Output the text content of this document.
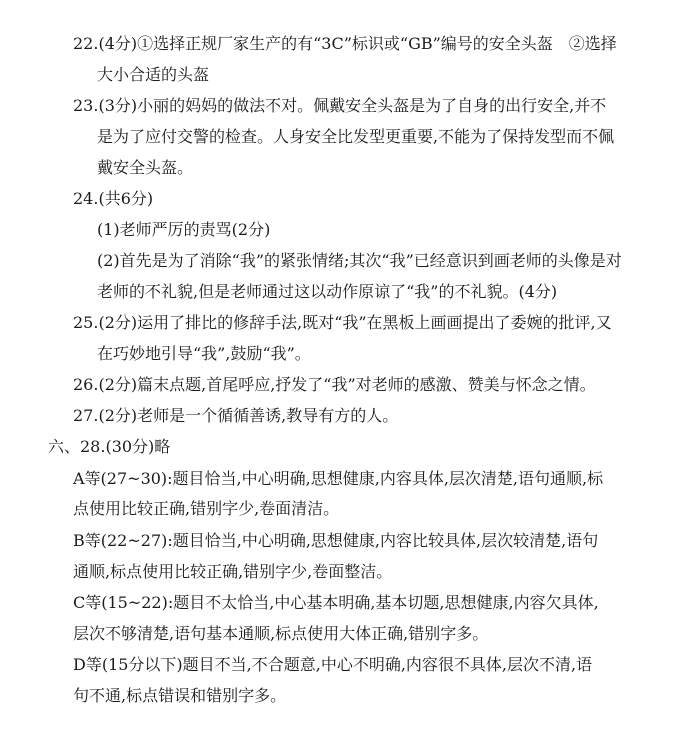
22.(4分)①选择正规厂家生产的有“3C”标识或“GB”编号的安全头盔　②选择
大小合适的头盔
23.(3分)小丽的妈妈的做法不对。佩戴安全头盔是为了自身的出行安全,并不
是为了应付交警的检查。人身安全比发型更重要,不能为了保持发型而不佩
戴安全头盔。
24.(共6分)
(1)老师严厉的责骂(2分)
(2)首先是为了消除“我”的紧张情绪;其次“我”已经意识到画老师的头像是对
老师的不礼貌,但是老师通过这以动作原谅了“我”的不礼貌。(4分)
25.(2分)运用了排比的修辞手法,既对“我”在黑板上画画提出了委婉的批评,又
在巧妙地引导“我”,鼓励“我”。
26.(2分)篇末点题,首尾呼应,抒发了“我”对老师的感激、赞美与怀念之情。
27.(2分)老师是一个循循善诱,教导有方的人。
六、28.(30分)略
A等(27~30):题目恰当,中心明确,思想健康,内容具体,层次清楚,语句通顺,标
点使用比较正确,错别字少,卷面清洁。
B等(22~27):题目恰当,中心明确,思想健康,内容比较具体,层次较清楚,语句
通顺,标点使用比较正确,错别字少,卷面整洁。
C等(15~22):题目不太恰当,中心基本明确,基本切题,思想健康,内容欠具体,
层次不够清楚,语句基本通顺,标点使用大体正确,错别字多。
D等(15分以下)题目不当,不合题意,中心不明确,内容很不具体,层次不清,语
句不通,标点错误和错别字多。
